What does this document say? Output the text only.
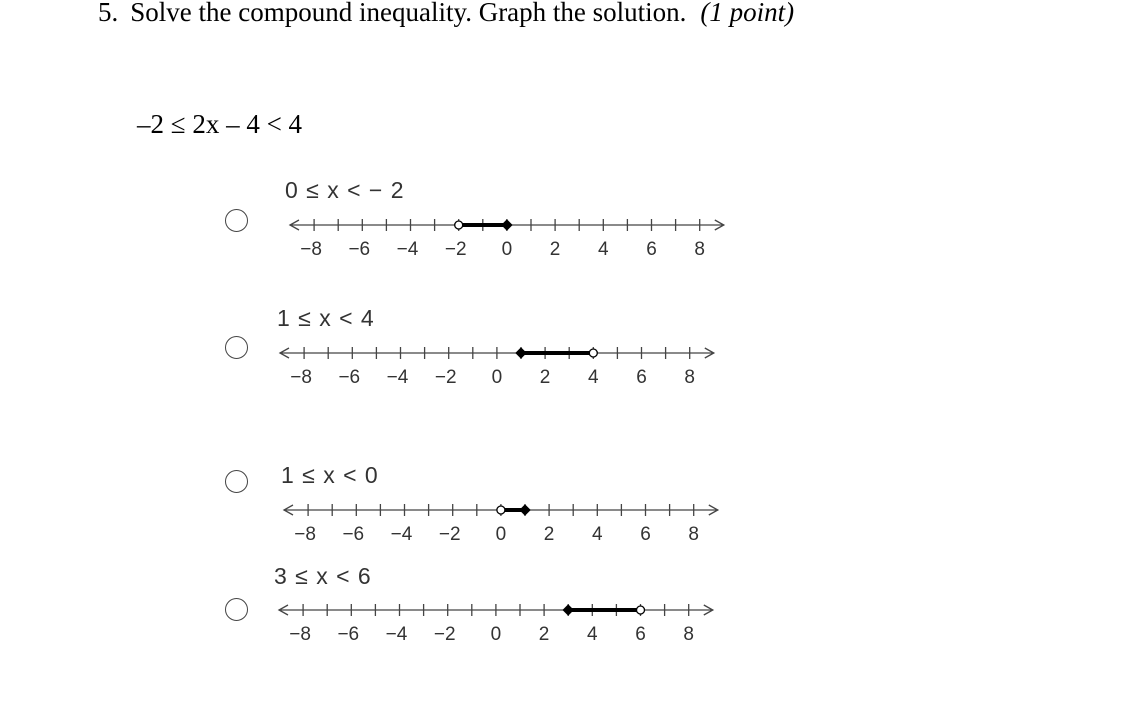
5. Solve the compound inequality. Graph the solution. (1 point)
–2 ≤ 2x – 4 < 4
0 ≤ x < − 2
−8 −6 −4 −2 0 2 4 6 8
1 ≤ x < 4
−8 −6 −4 −2 0 2 4 6 8
1 ≤ x < 0
−8 −6 −4 −2 0 2 4 6 8
3 ≤ x < 6
−8 −6 −4 −2 0 2 4 6 8
